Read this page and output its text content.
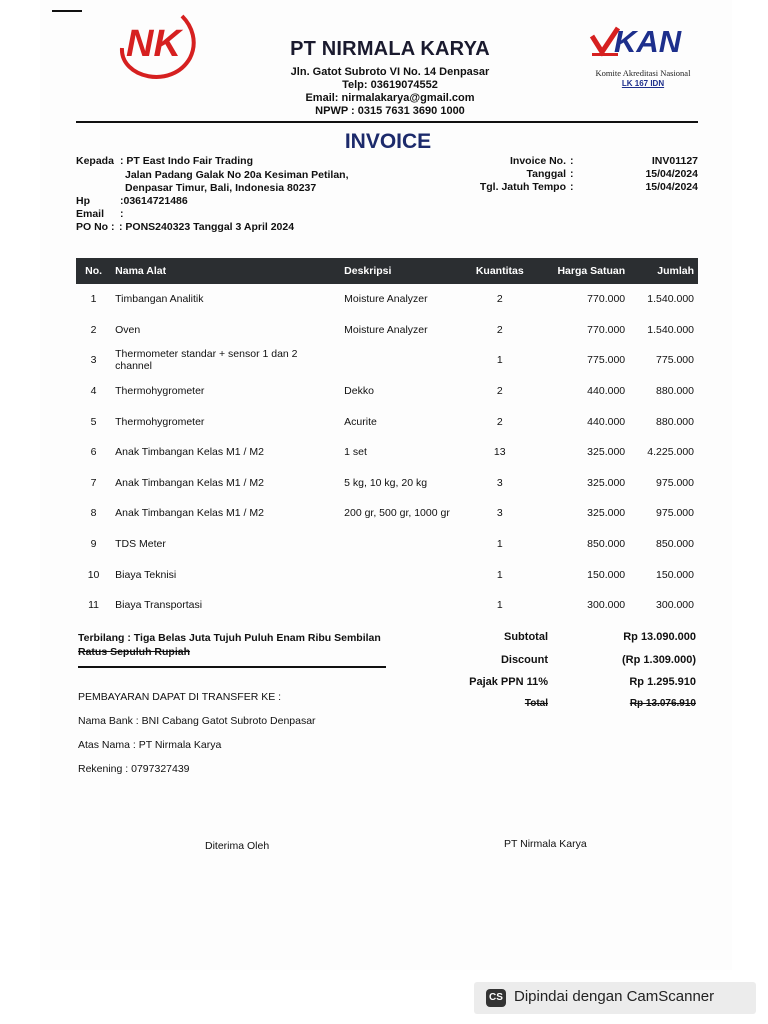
NK	PT NIRMALA KARYA
Jln. Gatot Subroto VI No. 14 Denpasar
Telp: 03619074552
Email: nirmalakarya@gmail.com
NPWP : 0315 7631 3690 1000
KAN
Komite Akreditasi Nasional
LK 167 IDN
INVOICE
Kepada : PT East Indo Fair Trading
Jalan Padang Galak No 20a Kesiman Petilan,
Denpasar Timur, Bali, Indonesia 80237
Hp	:03614721486
Email :
PO No : : PONS240323 Tanggal 3 April 2024
Invoice No. :	INV01127
Tanggal :	15/04/2024
Tgl. Jatuh Tempo :	15/04/2024
No.	Nama Alat	Deskripsi	Kuantitas	Harga Satuan	Jumlah
1	Timbangan Analitik	Moisture Analyzer	2	770.000	1.540.000
2	Oven	Moisture Analyzer	2	770.000	1.540.000
3	Thermometer standar + sensor 1 dan 2 channel		1	775.000	775.000
4	Thermohygrometer	Dekko	2	440.000	880.000
5	Thermohygrometer	Acurite	2	440.000	880.000
6	Anak Timbangan Kelas M1 / M2	1 set	13	325.000	4.225.000
7	Anak Timbangan Kelas M1 / M2	5 kg, 10 kg, 20 kg	3	325.000	975.000
8	Anak Timbangan Kelas M1 / M2	200 gr, 500 gr, 1000 gr	3	325.000	975.000
9	TDS Meter		1	850.000	850.000
10	Biaya Teknisi		1	150.000	150.000
11	Biaya Transportasi		1	300.000	300.000
Terbilang : Tiga Belas Juta Tujuh Puluh Enam Ribu Sembilan
Ratus Sepuluh Rupiah
Subtotal	Rp 13.090.000
Discount	(Rp 1.309.000)
Pajak PPN 11%	Rp 1.295.910
Total	Rp 13.076.910
PEMBAYARAN DAPAT DI TRANSFER KE :
Nama Bank : BNI Cabang Gatot Subroto Denpasar
Atas Nama : PT Nirmala Karya
Rekening : 0797327439
Diterima Oleh	PT Nirmala Karya
CS Dipindai dengan CamScanner
